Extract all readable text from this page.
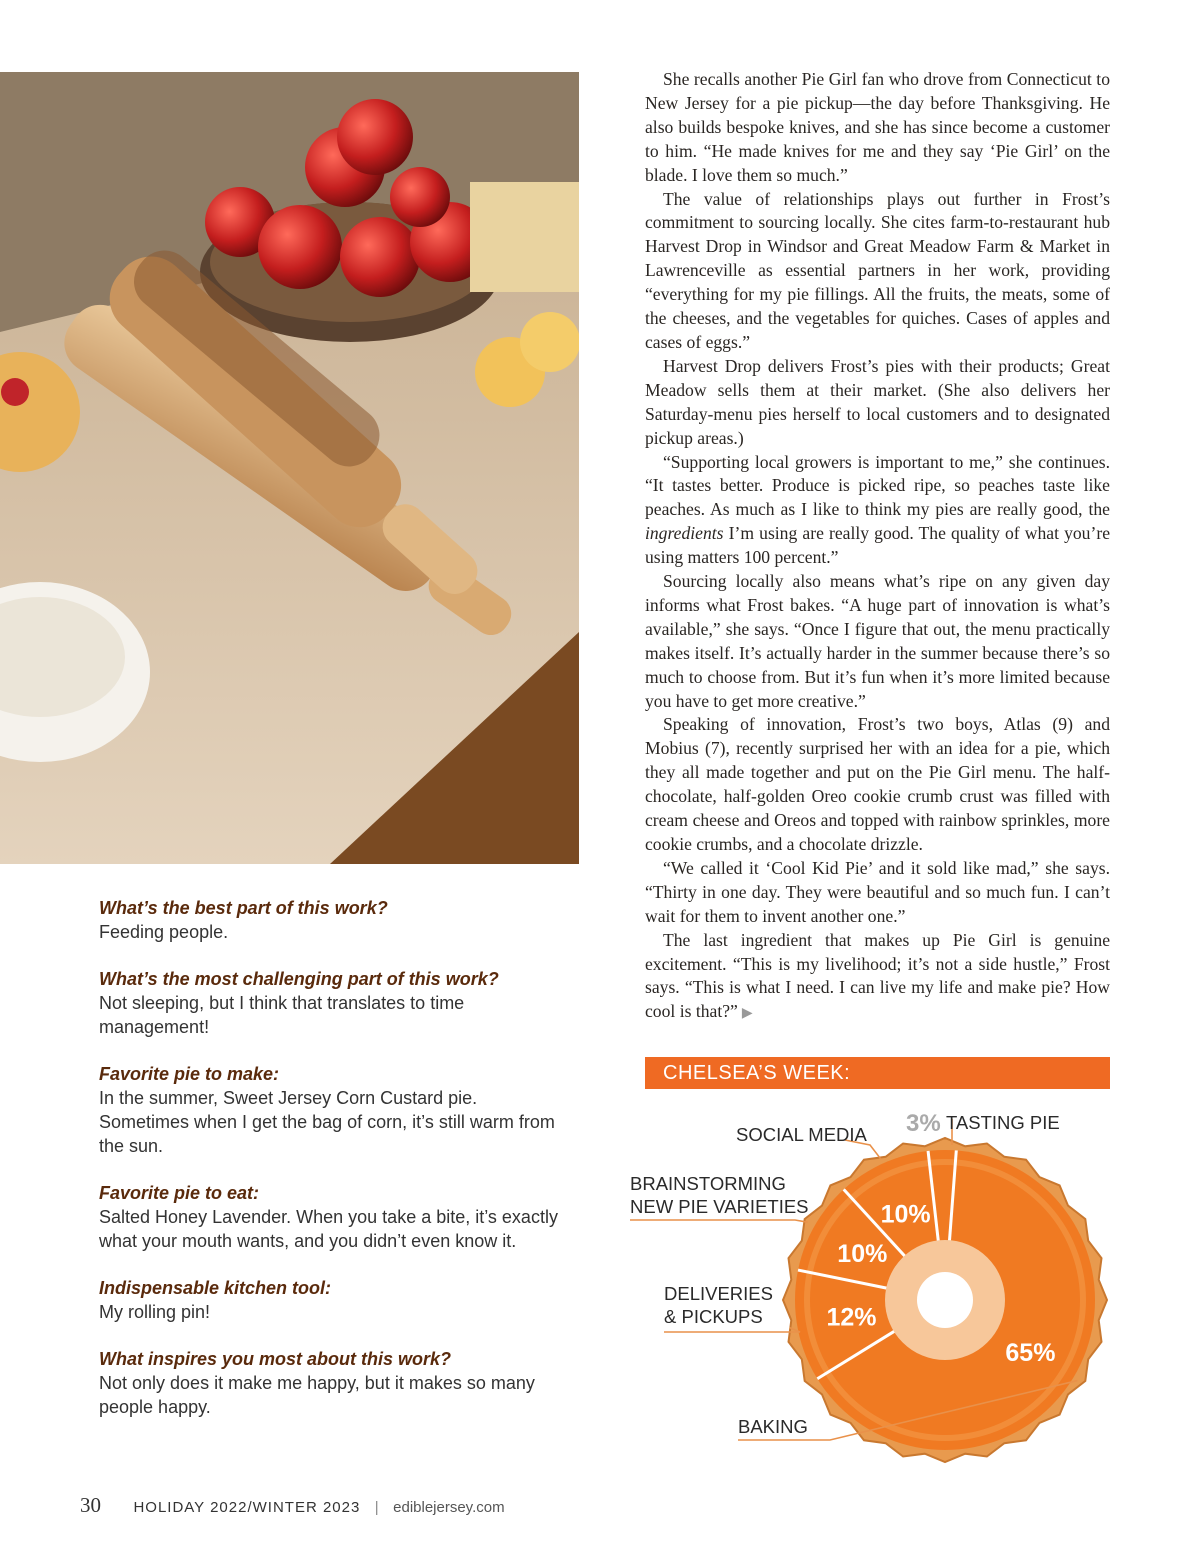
What’s the best part of this work?
Feeding people.
What’s the most challenging part of this work?
Not sleeping, but I think that translates to time management!
Favorite pie to make:
In the summer, Sweet Jersey Corn Custard pie. Sometimes when I get the bag of corn, it’s still warm from the sun.
Favorite pie to eat:
Salted Honey Lavender. When you take a bite, it’s exactly what your mouth wants, and you didn’t even know it.
Indispensable kitchen tool:
My rolling pin!
What inspires you most about this work?
Not only does it make me happy, but it makes so many people happy.

She recalls another Pie Girl fan who drove from Connecticut to New Jersey for a pie pickup—the day before Thanksgiving. He also builds bespoke knives, and she has since become a customer to him. “He made knives for me and they say ‘Pie Girl’ on the blade. I love them so much.”

The value of relationships plays out further in Frost’s commitment to sourcing locally. She cites farm-to-restaurant hub Harvest Drop in Windsor and Great Meadow Farm & Market in Lawrenceville as essential partners in her work, providing “everything for my pie fillings. All the fruits, the meats, some of the cheeses, and the vegetables for quiches. Cases of apples and cases of eggs.”

Harvest Drop delivers Frost’s pies with their products; Great Meadow sells them at their market. (She also delivers her Saturday-menu pies herself to local customers and to designated pickup areas.)

“Supporting local growers is important to me,” she continues. “It tastes better. Produce is picked ripe, so peaches taste like peaches. As much as I like to think my pies are really good, the ingredients I’m using are really good. The quality of what you’re using matters 100 percent.”

Sourcing locally also means what’s ripe on any given day informs what Frost bakes. “A huge part of innovation is what’s available,” she says. “Once I figure that out, the menu practically makes itself. It’s actually harder in the summer because there’s so much to choose from. But it’s fun when it’s more limited because you have to get more creative.”

Speaking of innovation, Frost’s two boys, Atlas (9) and Mobius (7), recently surprised her with an idea for a pie, which they all made together and put on the Pie Girl menu. The half-chocolate, half-golden Oreo cookie crumb crust was filled with cream cheese and Oreos and topped with rainbow sprinkles, more cookie crumbs, and a chocolate drizzle.

“We called it ‘Cool Kid Pie’ and it sold like mad,” she says. “Thirty in one day. They were beautiful and so much fun. I can’t wait for them to invent another one.”

The last ingredient that makes up Pie Girl is genuine excitement. “This is my livelihood; it’s not a side hustle,” Frost says. “This is what I need. I can live my life and make pie? How cool is that?” ▶

CHELSEA’S WEEK:
65%
12%
10%
10%
SOCIAL MEDIA 3% TASTING PIE
BRAINSTORMING
NEW PIE VARIETIES
DELIVERIES
& PICKUPS
BAKING
30 HOLIDAY 2022/WINTER 2023 | ediblejersey.com
